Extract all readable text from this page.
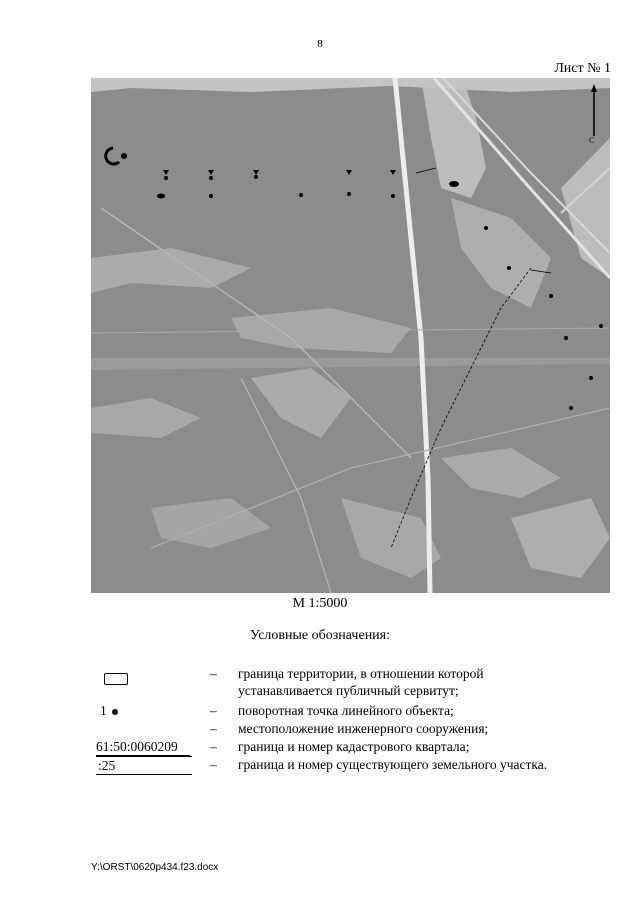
8
Лист № 1
С
М 1:5000
Условные обозначения:
– граница территории, в отношении которой устанавливается публичный сервитут;
1	– поворотная точка линейного объекта;
– местоположение инженерного сооружения;
61:50:0060209	– граница и номер кадастрового квартала;
:25	– граница и номер существующего земельного участка.
Y:\ORST\0620p434.f23.docx
